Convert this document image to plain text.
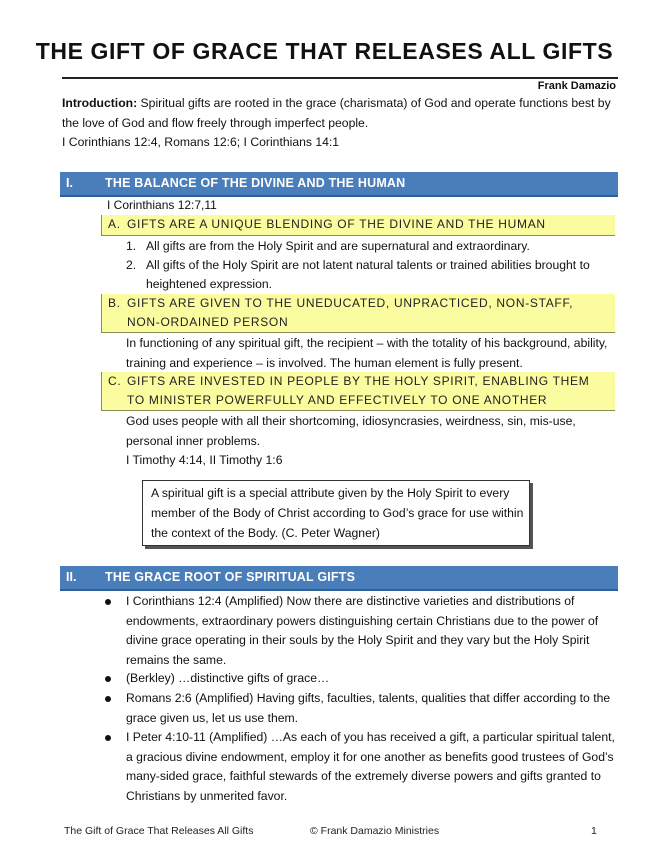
THE GIFT OF GRACE THAT RELEASES ALL GIFTS
Frank Damazio
Introduction: Spiritual gifts are rooted in the grace (charismata) of God and operate functions best by the love of God and flow freely through imperfect people.
I Corinthians 12:4, Romans 12:6; I Corinthians 14:1
I.	THE BALANCE OF THE DIVINE AND THE HUMAN
I Corinthians 12:7,11
A. GIFTS ARE A UNIQUE BLENDING OF THE DIVINE AND THE HUMAN
1. All gifts are from the Holy Spirit and are supernatural and extraordinary.
2. All gifts of the Holy Spirit are not latent natural talents or trained abilities brought to heightened expression.
B. GIFTS ARE GIVEN TO THE UNEDUCATED, UNPRACTICED, NON-STAFF, NON-ORDAINED PERSON
In functioning of any spiritual gift, the recipient – with the totality of his background, ability, training and experience – is involved. The human element is fully present.
C. GIFTS ARE INVESTED IN PEOPLE BY THE HOLY SPIRIT, ENABLING THEM TO MINISTER POWERFULLY AND EFFECTIVELY TO ONE ANOTHER
God uses people with all their shortcoming, idiosyncrasies, weirdness, sin, mis-use, personal inner problems.
I Timothy 4:14, II Timothy 1:6
A spiritual gift is a special attribute given by the Holy Spirit to every member of the Body of Christ according to God’s grace for use within the context of the Body. (C. Peter Wagner)
II. THE GRACE ROOT OF SPIRITUAL GIFTS
I Corinthians 12:4 (Amplified) Now there are distinctive varieties and distributions of endowments, extraordinary powers distinguishing certain Christians due to the power of divine grace operating in their souls by the Holy Spirit and they vary but the Holy Spirit remains the same.
(Berkley) …distinctive gifts of grace…
Romans 2:6 (Amplified) Having gifts, faculties, talents, qualities that differ according to the grace given us, let us use them.
I Peter 4:10-11 (Amplified) …As each of you has received a gift, a particular spiritual talent, a gracious divine endowment, employ it for one another as benefits good trustees of God’s many-sided grace, faithful stewards of the extremely diverse powers and gifts granted to Christians by unmerited favor.
The Gift of Grace That Releases All Gifts	© Frank Damazio Ministries	1
